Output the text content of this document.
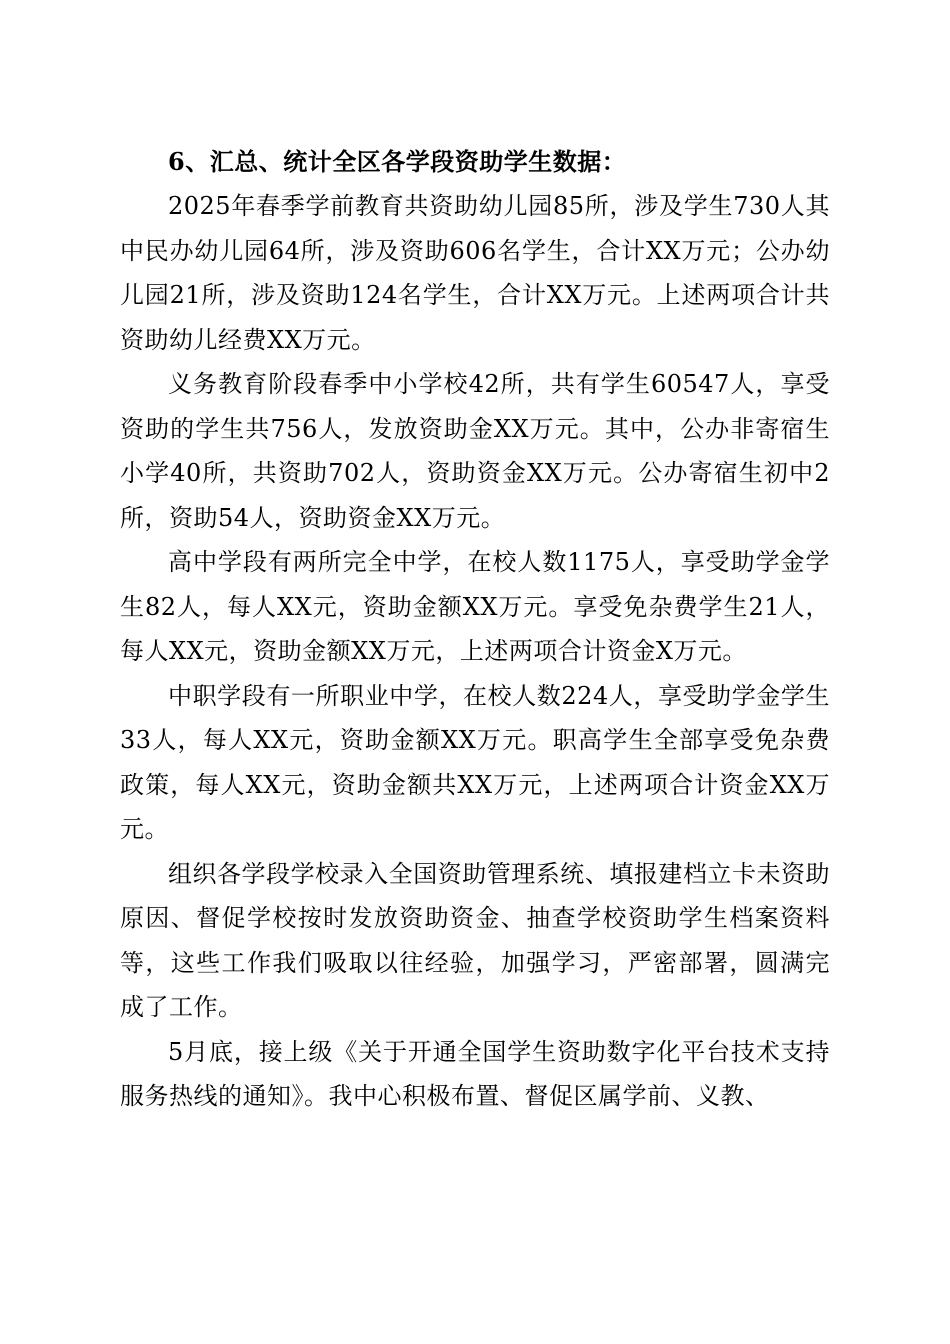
6、汇总、统计全区各学段资助学生数据：

2025年春季学前教育共资助幼儿园85所，涉及学生730人其中民办幼儿园64所，涉及资助606名学生，合计XX万元；公办幼儿园21所，涉及资助124名学生，合计XX万元。上述两项合计共资助幼儿经费XX万元。

义务教育阶段春季中小学校42所，共有学生60547人，享受资助的学生共756人，发放资助金XX万元。其中，公办非寄宿生小学40所，共资助702人，资助资金XX万元。公办寄宿生初中2所，资助54人，资助资金XX万元。

高中学段有两所完全中学，在校人数1175人，享受助学金学生82人，每人XX元，资助金额XX万元。享受免杂费学生21人，每人XX元，资助金额XX万元，上述两项合计资金X万元。

中职学段有一所职业中学，在校人数224人，享受助学金学生33人，每人XX元，资助金额XX万元。职高学生全部享受免杂费政策，每人XX元，资助金额共XX万元，上述两项合计资金XX万元。

组织各学段学校录入全国资助管理系统、填报建档立卡未资助原因、督促学校按时发放资助资金、抽查学校资助学生档案资料等，这些工作我们吸取以往经验，加强学习，严密部署，圆满完成了工作。

5月底，接上级《关于开通全国学生资助数字化平台技术支持服务热线的通知》。我中心积极布置、督促区属学前、义教、
